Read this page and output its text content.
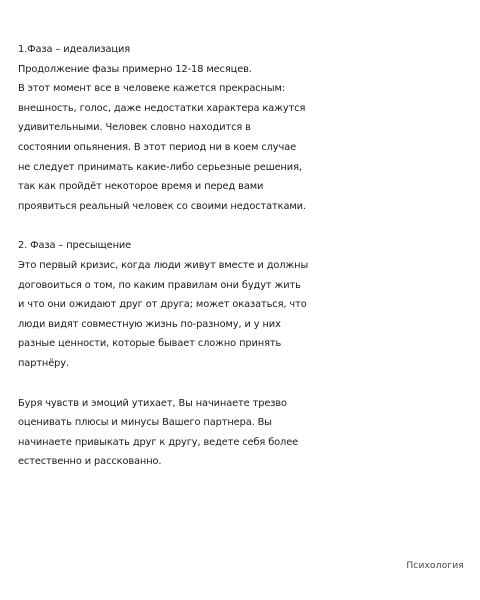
1.Фаза – идеализация
Продолжение фазы примерно 12-18 месяцев.
В этот момент все в человеке кажется прекрасным:
внешность, голос, даже недостатки характера кажутся
удивительными. Человек словно находится в
состоянии опьянения. В этот период ни в коем случае
не следует принимать какие-либо серьезные решения,
так как пройдёт некоторое время и перед вами
проявиться реальный человек со своими недостатками.
2. Фаза – пресыщение
Это первый кризис, когда люди живут вместе и должны
договоиться о том, по каким правилам они будут жить
и что они ожидают друг от друга; может оказаться, что
люди видят совместную жизнь по-разному, и у них
разные ценности, которые бывает сложно принять
партнёру.
Буря чувств и эмоций утихает, Вы начинаете трезво
оценивать плюсы и минусы Вашего партнера. Вы
начинаете привыкать друг к другу, ведете себя более
естественно и расскованно.
Психология
